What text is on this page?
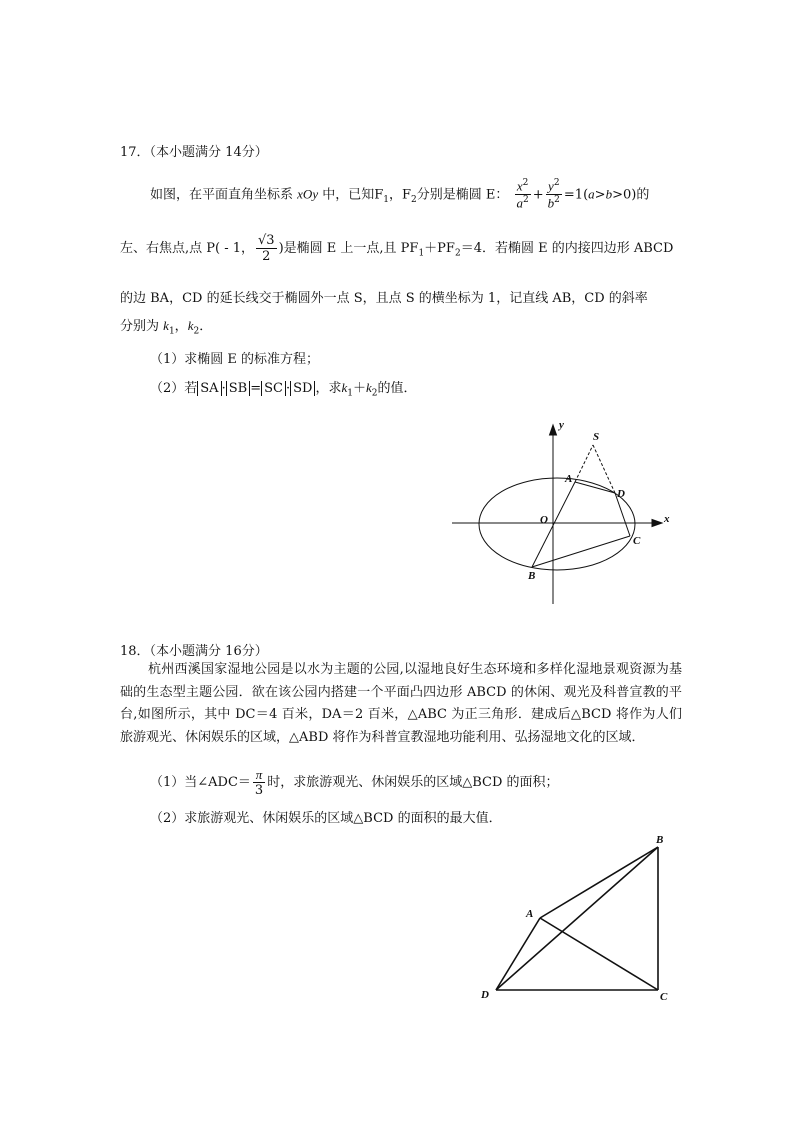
17．（本小题满分 14分）
如图，在平面直角坐标系 xOy 中，已知$F_1$，$F_2$分别是椭圆 E： $\frac{x^2}{a^2} + \frac{y^2}{b^2} =1(a>b>0)$的
左、右焦点,点 P( - 1， $\frac{√3}{2}$ )是椭圆 E 上一点,且 $PF_1+PF_2=4$．若椭圆 E 的内接四边形 ABCD
的边 BA，CD 的延长线交于椭圆外一点 S，且点 S 的横坐标为 1，记直线 AB，CD 的斜率
分别为 $k_1$，$k_2$．
（1）求椭圆 E 的标准方程；
（2）若 SA · SB = SC · SD ，求$k_1+k_2$的值．
y
x
O
S
A
D
C
B
18．（本小题满分 16分）
杭州西溪国家湿地公园是以水为主题的公园,以湿地良好生态环境和多样化湿地景观资源为基础的生态型主题公园．欲在该公园内搭建一个平面凸四边形 ABCD 的休闲、观光及科普宣教的平台,如图所示，其中 DC＝4 百米，DA＝2 百米，△ABC 为正三角形．建成后△BCD 将作为人们旅游观光、休闲娱乐的区域，△ABD 将作为科普宣教湿地功能利用、弘扬湿地文化的区域．
（1）当∠ADC＝ $\frac{\pi}{3}$ 时，求旅游观光、休闲娱乐的区域△BCD 的面积；
（2）求旅游观光、休闲娱乐的区域△BCD 的面积的最大值．
A
B
C
D
